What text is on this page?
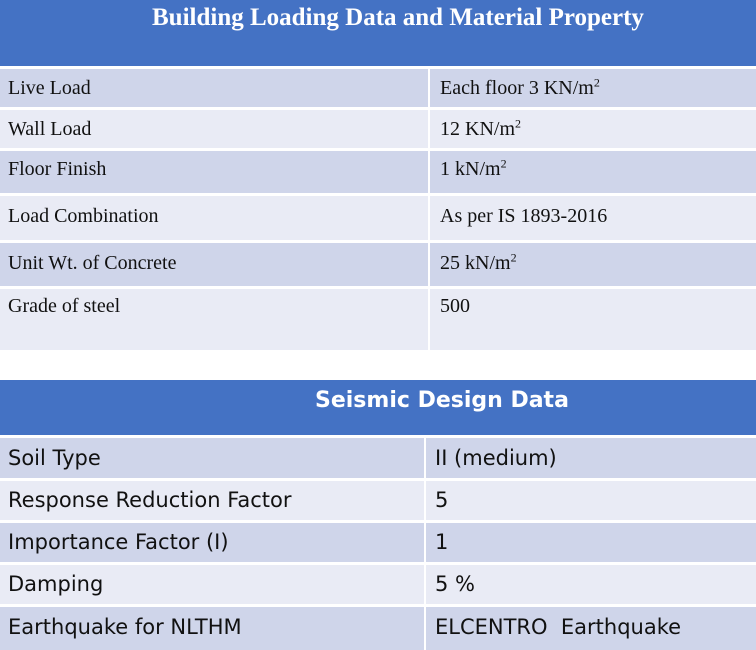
Building Loading Data and Material Property
Live Load	Each floor 3 $KN/m^2$
Wall Load	12 $KN/m^2$
Floor Finish	1 $kN/m^2$
Load Combination	As per IS 1893-2016
Unit Wt. of Concrete	25 $kN/m^2$
Grade of steel	500
Seismic Design Data
Soil Type	II (medium)
Response Reduction Factor	5
Importance Factor (I)	1
Damping	5 %
Earthquake for NLTHM	ELCENTRO  Earthquake
